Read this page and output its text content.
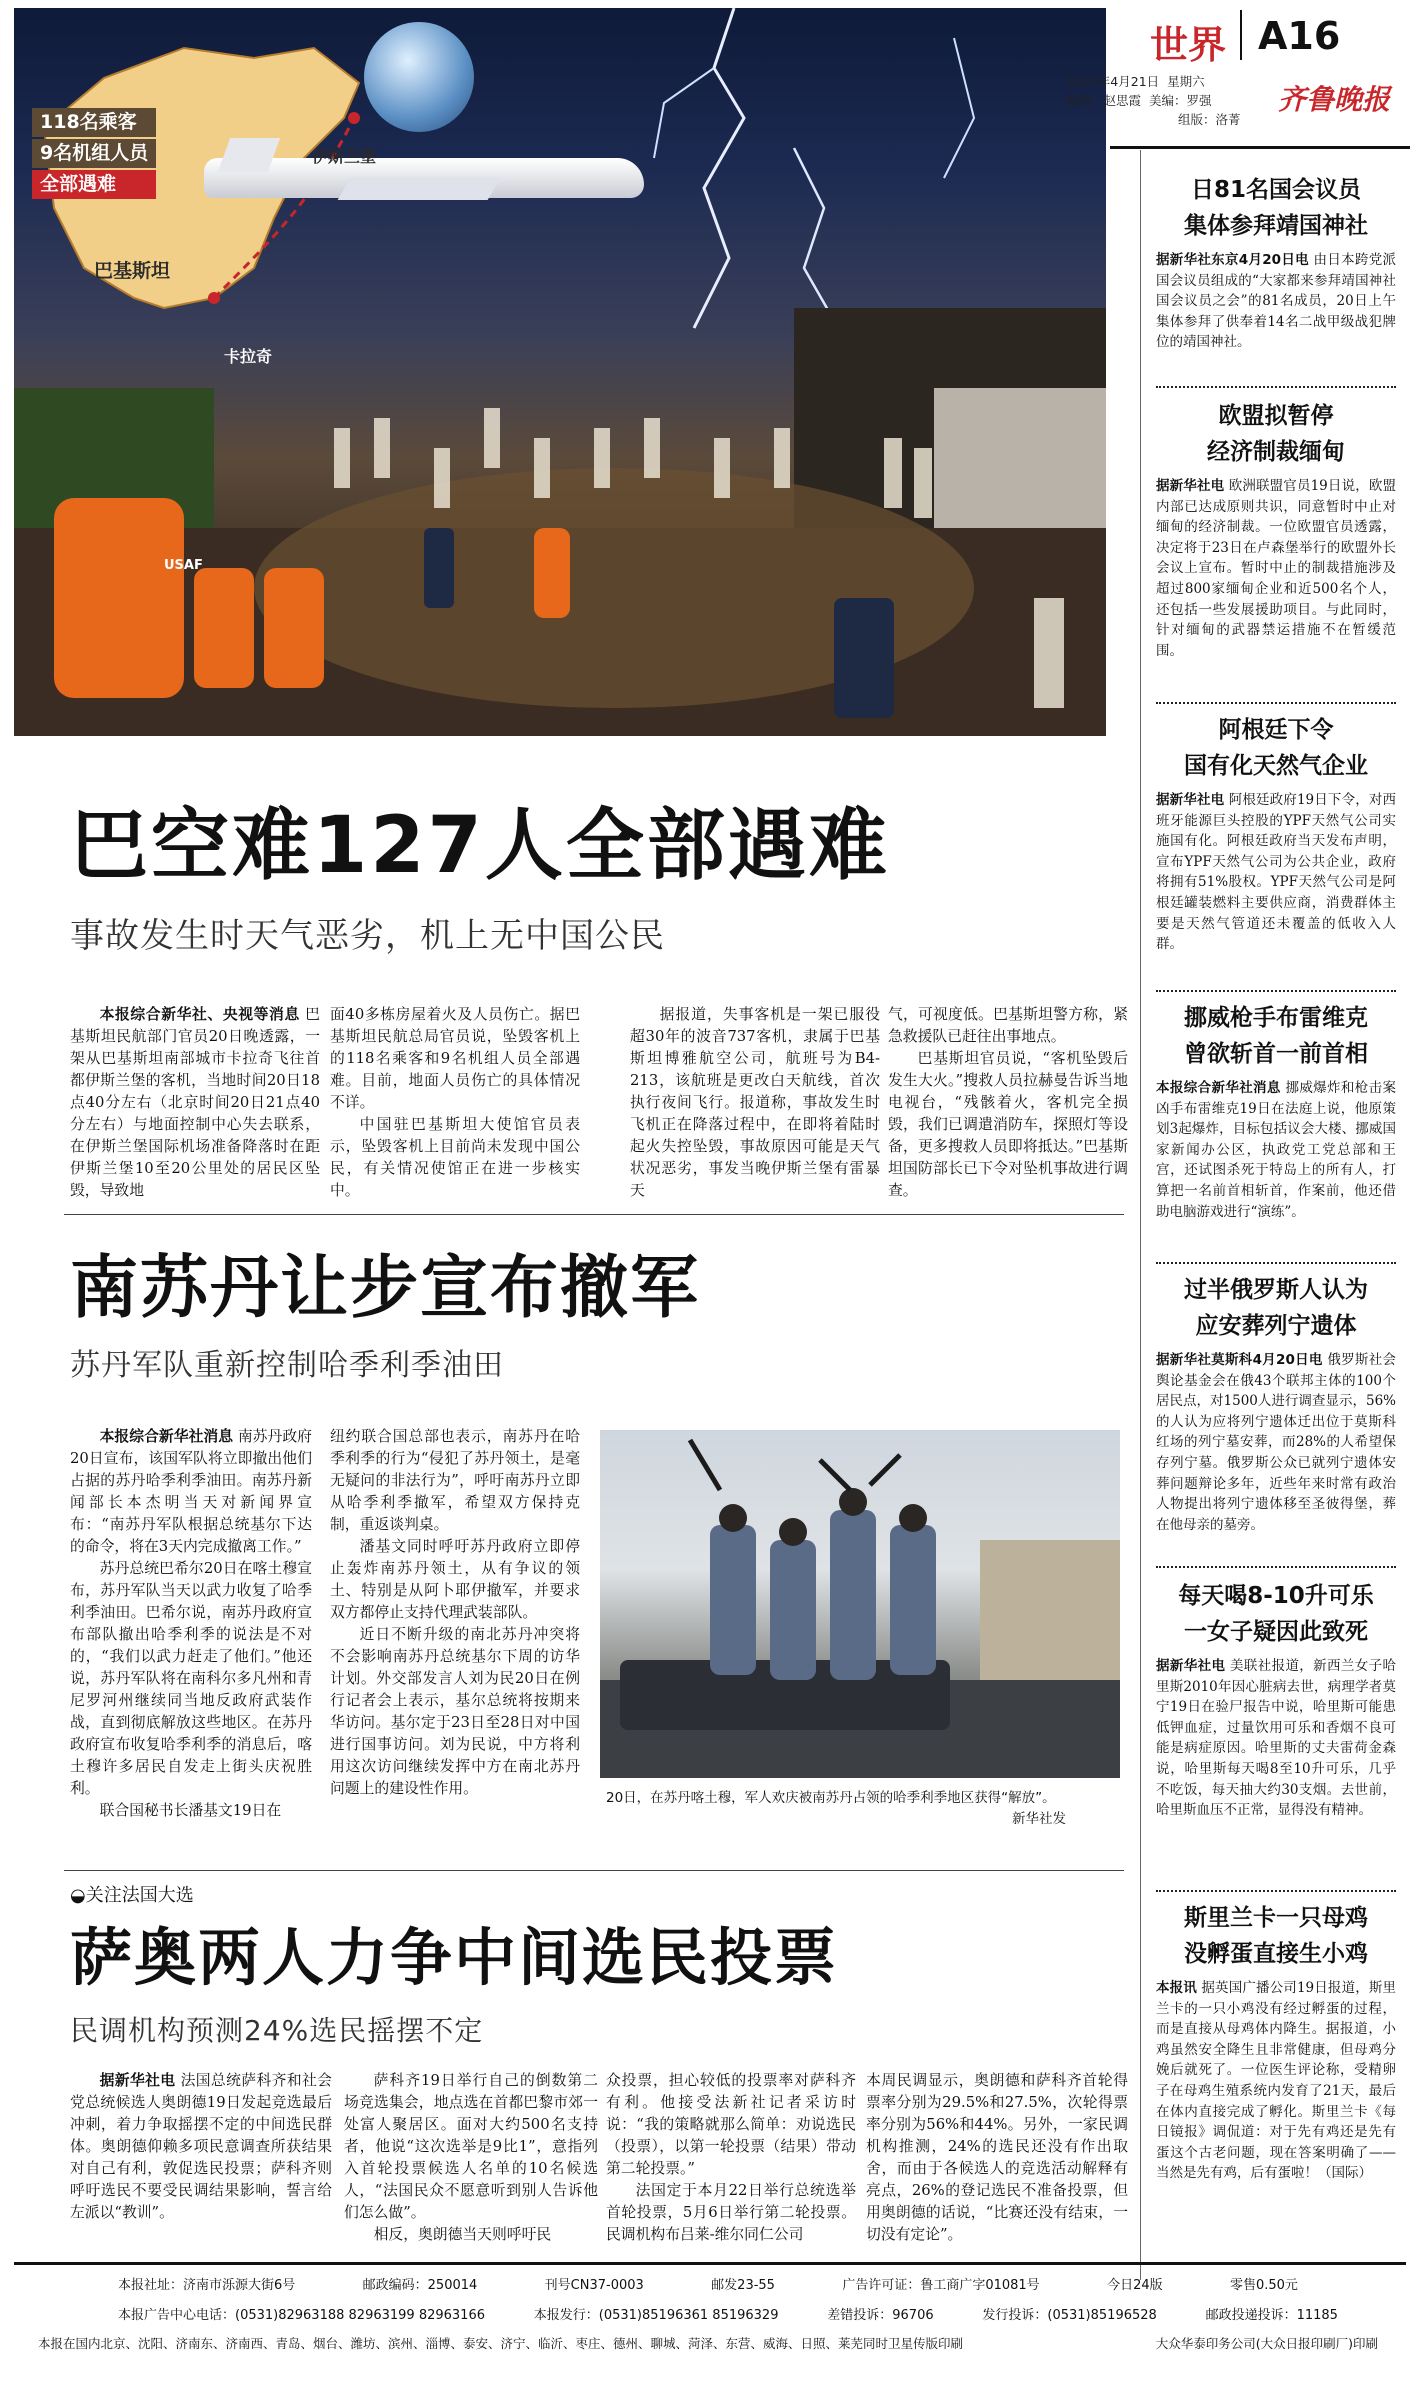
118名乘客
9名机组人员
全部遇难
巴基斯坦
伊斯兰堡
卡拉奇
USAF
世界 A16
齐鲁晚报
2012年4月21日 星期六
编辑：赵思霞 美编：罗强
组版：洛菁
巴空难127人全部遇难
事故发生时天气恶劣，机上无中国公民

本报综合新华社、央视等消息 巴基斯坦民航部门官员20日晚透露，一架从巴基斯坦南部城市卡拉奇飞往首都伊斯兰堡的客机，当地时间20日18点40分左右（北京时间20日21点40分左右）与地面控制中心失去联系，在伊斯兰堡国际机场准备降落时在距伊斯兰堡10至20公里处的居民区坠毁，导致地

面40多栋房屋着火及人员伤亡。据巴基斯坦民航总局官员说，坠毁客机上的118名乘客和9名机组人员全部遇难。目前，地面人员伤亡的具体情况不详。

中国驻巴基斯坦大使馆官员表示，坠毁客机上目前尚未发现中国公民，有关情况使馆正在进一步核实中。

据报道，失事客机是一架已服役超30年的波音737客机，隶属于巴基斯坦博雅航空公司，航班号为B4-213，该航班是更改白天航线，首次执行夜间飞行。报道称，事故发生时飞机正在降落过程中，在即将着陆时起火失控坠毁，事故原因可能是天气状况恶劣，事发当晚伊斯兰堡有雷暴天

气，可视度低。巴基斯坦警方称，紧急救援队已赶往出事地点。

巴基斯坦官员说，“客机坠毁后发生大火。”搜救人员拉赫曼告诉当地电视台，“残骸着火，客机完全损毁，我们已调遣消防车，探照灯等设备，更多搜救人员即将抵达。”巴基斯坦国防部长已下令对坠机事故进行调查。

南苏丹让步宣布撤军
苏丹军队重新控制哈季利季油田

本报综合新华社消息 南苏丹政府20日宣布，该国军队将立即撤出他们占据的苏丹哈季利季油田。南苏丹新闻部长本杰明当天对新闻界宣布：“南苏丹军队根据总统基尔下达的命令，将在3天内完成撤离工作。”

苏丹总统巴希尔20日在喀土穆宣布，苏丹军队当天以武力收复了哈季利季油田。巴希尔说，南苏丹政府宣布部队撤出哈季利季的说法是不对的，“我们以武力赶走了他们。”他还说，苏丹军队将在南科尔多凡州和青尼罗河州继续同当地反政府武装作战，直到彻底解放这些地区。在苏丹政府宣布收复哈季利季的消息后，喀土穆许多居民自发走上街头庆祝胜利。

联合国秘书长潘基文19日在

纽约联合国总部也表示，南苏丹在哈季利季的行为“侵犯了苏丹领土，是毫无疑问的非法行为”，呼吁南苏丹立即从哈季利季撤军，希望双方保持克制，重返谈判桌。

潘基文同时呼吁苏丹政府立即停止轰炸南苏丹领土，从有争议的领土、特别是从阿卜耶伊撤军，并要求双方都停止支持代理武装部队。

近日不断升级的南北苏丹冲突将不会影响南苏丹总统基尔下周的访华计划。外交部发言人刘为民20日在例行记者会上表示，基尔总统将按期来华访问。基尔定于23日至28日对中国进行国事访问。刘为民说，中方将利用这次访问继续发挥中方在南北苏丹问题上的建设性作用。

20日，在苏丹喀土穆，军人欢庆被南苏丹占领的哈季利季地区获得“解放”。
新华社发
◒关注法国大选
萨奥两人力争中间选民投票
民调机构预测24%选民摇摆不定

据新华社电 法国总统萨科齐和社会党总统候选人奥朗德19日发起竞选最后冲刺，着力争取摇摆不定的中间选民群体。奥朗德仰赖多项民意调查所获结果对自己有利，敦促选民投票；萨科齐则呼吁选民不要受民调结果影响，誓言给左派以“教训”。

萨科齐19日举行自己的倒数第二场竞选集会，地点选在首都巴黎市郊一处富人聚居区。面对大约500名支持者，他说“这次选举是9比1”，意指列入首轮投票候选人名单的10名候选人，“法国民众不愿意听到别人告诉他们怎么做”。

相反，奥朗德当天则呼吁民

众投票，担心较低的投票率对萨科齐有利。他接受法新社记者采访时说：“我的策略就那么简单：劝说选民（投票），以第一轮投票（结果）带动第二轮投票。”

法国定于本月22日举行总统选举首轮投票，5月6日举行第二轮投票。民调机构布吕莱-维尔同仁公司

本周民调显示，奥朗德和萨科齐首轮得票率分别为29.5%和27.5%，次轮得票率分别为56%和44%。另外，一家民调机构推测，24%的选民还没有作出取舍，而由于各候选人的竞选活动解释有亮点，26%的登记选民不准备投票，但用奥朗德的话说，“比赛还没有结束，一切没有定论”。

日81名国会议员
集体参拜靖国神社
据新华社东京4月20日电 由日本跨党派国会议员组成的“大家都来参拜靖国神社国会议员之会”的81名成员，20日上午集体参拜了供奉着14名二战甲级战犯牌位的靖国神社。
欧盟拟暂停
经济制裁缅甸
据新华社电 欧洲联盟官员19日说，欧盟内部已达成原则共识，同意暂时中止对缅甸的经济制裁。一位欧盟官员透露，决定将于23日在卢森堡举行的欧盟外长会议上宣布。暂时中止的制裁措施涉及超过800家缅甸企业和近500名个人，还包括一些发展援助项目。与此同时，针对缅甸的武器禁运措施不在暂缓范围。
阿根廷下令
国有化天然气企业
据新华社电 阿根廷政府19日下令，对西班牙能源巨头控股的YPF天然气公司实施国有化。阿根廷政府当天发布声明，宣布YPF天然气公司为公共企业，政府将拥有51%股权。YPF天然气公司是阿根廷罐装燃料主要供应商，消费群体主要是天然气管道还未覆盖的低收入人群。
挪威枪手布雷维克
曾欲斩首一前首相
本报综合新华社消息 挪威爆炸和枪击案凶手布雷维克19日在法庭上说，他原策划3起爆炸，目标包括议会大楼、挪威国家新闻办公区，执政党工党总部和王宫，还试图杀死于特岛上的所有人，打算把一名前首相斩首，作案前，他还借助电脑游戏进行“演练”。
过半俄罗斯人认为
应安葬列宁遗体
据新华社莫斯科4月20日电 俄罗斯社会舆论基金会在俄43个联邦主体的100个居民点，对1500人进行调查显示，56%的人认为应将列宁遗体迁出位于莫斯科红场的列宁墓安葬，而28%的人希望保存列宁墓。俄罗斯公众已就列宁遗体安葬问题辩论多年，近些年来时常有政治人物提出将列宁遗体移至圣彼得堡，葬在他母亲的墓旁。
每天喝8-10升可乐
一女子疑因此致死
据新华社电 美联社报道，新西兰女子哈里斯2010年因心脏病去世，病理学者莫宁19日在验尸报告中说，哈里斯可能患低钾血症，过量饮用可乐和香烟不良可能是病症原因。哈里斯的丈夫雷荷金森说，哈里斯每天喝8至10升可乐，几乎不吃饭，每天抽大约30支烟。去世前，哈里斯血压不正常，显得没有精神。
斯里兰卡一只母鸡
没孵蛋直接生小鸡
本报讯 据英国广播公司19日报道，斯里兰卡的一只小鸡没有经过孵蛋的过程，而是直接从母鸡体内降生。据报道，小鸡虽然安全降生且非常健康，但母鸡分娩后就死了。一位医生评论称，受精卵子在母鸡生殖系统内发育了21天，最后在体内直接完成了孵化。斯里兰卡《每日镜报》调侃道：对于先有鸡还是先有蛋这个古老问题，现在答案明确了——当然是先有鸡，后有蛋啦！（国际）
本报社址：济南市泺源大街6号	邮政编码：250014	刊号CN37-0003	邮发23-55	广告许可证：鲁工商广字01081号	今日24版	零售0.50元
本报广告中心电话：(0531)82963188 82963199 82963166	本报发行：(0531)85196361 85196329	差错投诉：96706	发行投诉：(0531)85196528	邮政投递投诉：11185
本报在国内北京、沈阳、济南东、济南西、青岛、烟台、潍坊、滨州、淄博、泰安、济宁、临沂、枣庄、德州、聊城、菏泽、东营、威海、日照、莱芜同时卫星传版印刷	大众华泰印务公司(大众日报印刷厂)印刷
